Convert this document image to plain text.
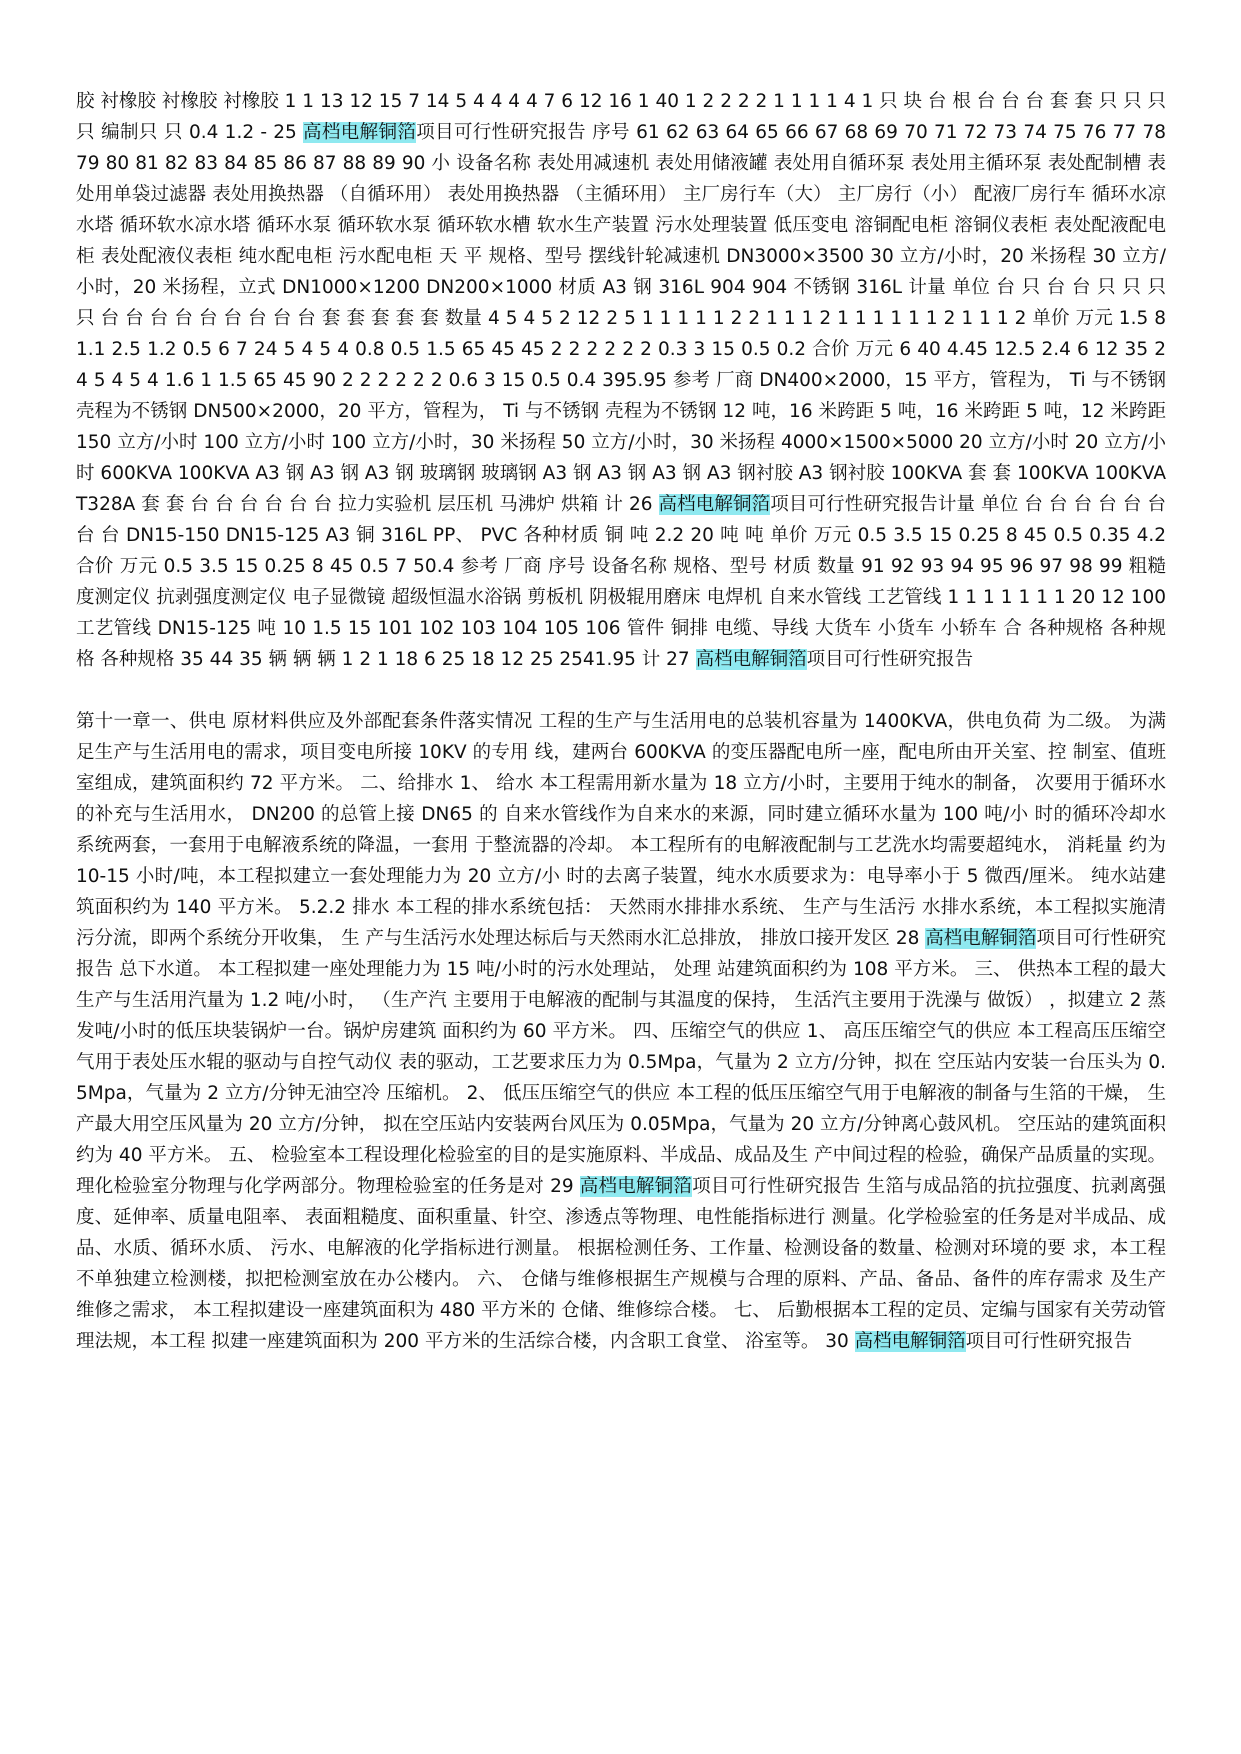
胶 衬橡胶 衬橡胶 衬橡胶 1 1 13 12 15 7 14 5 4 4 4 4 7 6 12 16 1 40 1 2 2 2 2 1 1 1 1 4 1 只 块 台 根 台 台 台 套 套 只 只 只 只 编制只 只 0.4 1.2 - 25 高档电解铜箔项目可行性研究报告 序号 61 62 63 64 65 66 67 68 69 70 71 72 73 74 75 76 77 78 79 80 81 82 83 84 85 86 87 88 89 90 小 设备名称 表处用减速机 表处用储液罐 表处用自循环泵 表处用主循环泵 表处配制槽 表处用单袋过滤器 表处用换热器 （自循环用） 表处用换热器 （主循环用） 主厂房行车（大） 主厂房行（小） 配液厂房行车 循环水凉水塔 循环软水凉水塔 循环水泵 循环软水泵 循环软水槽 软水生产装置 污水处理装置 低压变电 溶铜配电柜 溶铜仪表柜 表处配液配电柜 表处配液仪表柜 纯水配电柜 污水配电柜 天 平 规格、型号 摆线针轮减速机 DN3000×3500 30 立方/小时，20 米扬程 30 立方/小时，20 米扬程，立式 DN1000×1200 DN200×1000 材质 A3 钢 316L 904 904 不锈钢 316L 计量 单位 台 只 台 台 只 只 只 只 台 台 台 台 台 台 台 台 台 套 套 套 套 套 数量 4 5 4 5 2 12 2 5 1 1 1 1 1 2 2 1 1 1 2 1 1 1 1 1 1 2 1 1 1 2 单价 万元 1.5 8 1.1 2.5 1.2 0.5 6 7 24 5 4 5 4 0.8 0.5 1.5 65 45 45 2 2 2 2 2 2 0.3 3 15 0.5 0.2 合价 万元 6 40 4.45 12.5 2.4 6 12 35 24 5 4 5 4 1.6 1 1.5 65 45 90 2 2 2 2 2 2 0.6 3 15 0.5 0.4 395.95 参考 厂商 DN400×2000，15 平方，管程为， Ti 与不锈钢 壳程为不锈钢 DN500×2000，20 平方，管程为， Ti 与不锈钢 壳程为不锈钢 12 吨，16 米跨距 5 吨，16 米跨距 5 吨，12 米跨距 150 立方/小时 100 立方/小时 100 立方/小时，30 米扬程 50 立方/小时，30 米扬程 4000×1500×5000 20 立方/小时 20 立方/小时 600KVA 100KVA A3 钢 A3 钢 A3 钢 玻璃钢 玻璃钢 A3 钢 A3 钢 A3 钢 A3 钢衬胶 A3 钢衬胶 100KVA 套 套 100KVA 100KVA T328A 套 套 台 台 台 台 台 台 拉力实验机 层压机 马沸炉 烘箱 计 26 高档电解铜箔项目可行性研究报告计量 单位 台 台 台 台 台 台 台 台 DN15-150 DN15-125 A3 铜 316L PP、 PVC 各种材质 铜 吨 2.2 20 吨 吨 单价 万元 0.5 3.5 15 0.25 8 45 0.5 0.35 4.2 合价 万元 0.5 3.5 15 0.25 8 45 0.5 7 50.4 参考 厂商 序号 设备名称 规格、型号 材质 数量 91 92 93 94 95 96 97 98 99 粗糙度测定仪 抗剥强度测定仪 电子显微镜 超级恒温水浴锅 剪板机 阴极辊用磨床 电焊机 自来水管线 工艺管线 1 1 1 1 1 1 1 20 12 100 工艺管线 DN15-125 吨 10 1.5 15 101 102 103 104 105 106 管件 铜排 电缆、导线 大货车 小货车 小轿车 合 各种规格 各种规格 各种规格 35 44 35 辆 辆 辆 1 2 1 18 6 25 18 12 25 2541.95 计 27 高档电解铜箔项目可行性研究报告

第十一章一、供电 原材料供应及外部配套条件落实情况 工程的生产与生活用电的总装机容量为 1400KVA，供电负荷 为二级。 为满足生产与生活用电的需求，项目变电所接 10KV 的专用 线，建两台 600KVA 的变压器配电所一座，配电所由开关室、控 制室、值班室组成，建筑面积约 72 平方米。 二、给排水 1、 给水 本工程需用新水量为 18 立方/小时，主要用于纯水的制备， 次要用于循环水的补充与生活用水， DN200 的总管上接 DN65 的 自来水管线作为自来水的来源，同时建立循环水量为 100 吨/小 时的循环冷却水系统两套，一套用于电解液系统的降温，一套用 于整流器的冷却。 本工程所有的电解液配制与工艺洗水均需要超纯水， 消耗量 约为 10-15 小时/吨，本工程拟建立一套处理能力为 20 立方/小 时的去离子装置，纯水水质要求为：电导率小于 5 微西/厘米。 纯水站建筑面积约为 140 平方米。 5.2.2 排水 本工程的排水系统包括： 天然雨水排排水系统、 生产与生活污 水排水系统，本工程拟实施清污分流，即两个系统分开收集， 生 产与生活污水处理达标后与天然雨水汇总排放， 排放口接开发区 28 高档电解铜箔项目可行性研究报告 总下水道。 本工程拟建一座处理能力为 15 吨/小时的污水处理站， 处理 站建筑面积约为 108 平方米。 三、 供热本工程的最大生产与生活用汽量为 1.2 吨/小时， （生产汽 主要用于电解液的配制与其温度的保持， 生活汽主要用于洗澡与 做饭） ，拟建立 2 蒸发吨/小时的低压块装锅炉一台。锅炉房建筑 面积约为 60 平方米。 四、压缩空气的供应 1、 高压压缩空气的供应 本工程高压压缩空气用于表处压水辊的驱动与自控气动仪 表的驱动，工艺要求压力为 0.5Mpa，气量为 2 立方/分钟，拟在 空压站内安装一台压头为 0.5Mpa，气量为 2 立方/分钟无油空冷 压缩机。 2、 低压压缩空气的供应 本工程的低压压缩空气用于电解液的制备与生箔的干燥， 生 产最大用空压风量为 20 立方/分钟， 拟在空压站内安装两台风压为 0.05Mpa，气量为 20 立方/分钟离心鼓风机。 空压站的建筑面积约为 40 平方米。 五、 检验室本工程设理化检验室的目的是实施原料、半成品、成品及生 产中间过程的检验，确保产品质量的实现。 理化检验室分物理与化学两部分。物理检验室的任务是对 29 高档电解铜箔项目可行性研究报告 生箔与成品箔的抗拉强度、抗剥离强度、延伸率、质量电阻率、 表面粗糙度、面积重量、针空、渗透点等物理、电性能指标进行 测量。化学检验室的任务是对半成品、成品、水质、循环水质、 污水、电解液的化学指标进行测量。 根据检测任务、工作量、检测设备的数量、检测对环境的要 求，本工程不单独建立检测楼，拟把检测室放在办公楼内。 六、 仓储与维修根据生产规模与合理的原料、产品、备品、备件的库存需求 及生产维修之需求， 本工程拟建设一座建筑面积为 480 平方米的 仓储、维修综合楼。 七、 后勤根据本工程的定员、定编与国家有关劳动管理法规，本工程 拟建一座建筑面积为 200 平方米的生活综合楼，内含职工食堂、 浴室等。 30 高档电解铜箔项目可行性研究报告
